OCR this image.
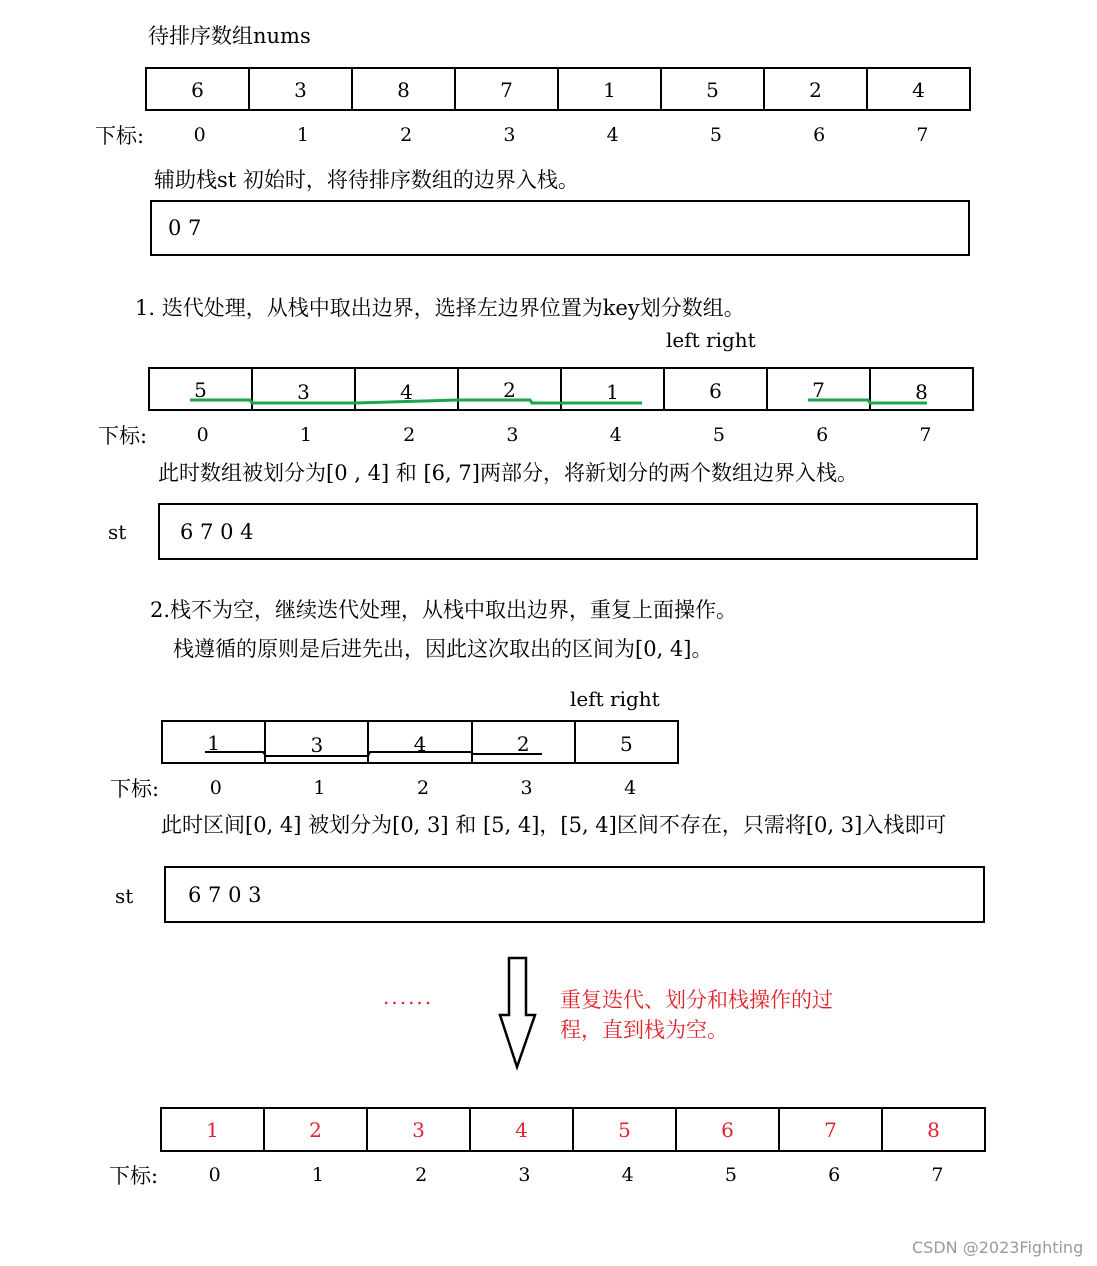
待排序数组nums
6	3	8	7	1	5	2	4
下标:	0	1	2	3	4	5	6	7
辅助栈st 初始时，将待排序数组的边界入栈。
0 7
1. 迭代处理，从栈中取出边界，选择左边界位置为key划分数组。
left right
5	3	4	2	1	6	7	8
下标:	0	1	2	3	4	5	6	7
此时数组被划分为[0 , 4] 和 [6, 7]两部分，将新划分的两个数组边界入栈。
st	6 7 0 4
2.栈不为空，继续迭代处理，从栈中取出边界，重复上面操作。
栈遵循的原则是后进先出，因此这次取出的区间为[0, 4]。
left right
1	3	4	2	5
下标:	0	1	2	3	4
此时区间[0, 4] 被划分为[0, 3] 和 [5, 4]，[5, 4]区间不存在，只需将[0, 3]入栈即可
st	6 7 0 3
......	重复迭代、划分和栈操作的过
程，直到栈为空。
1	2	3	4	5	6	7	8
下标:	0	1	2	3	4	5	6	7
CSDN @2023Fighting
